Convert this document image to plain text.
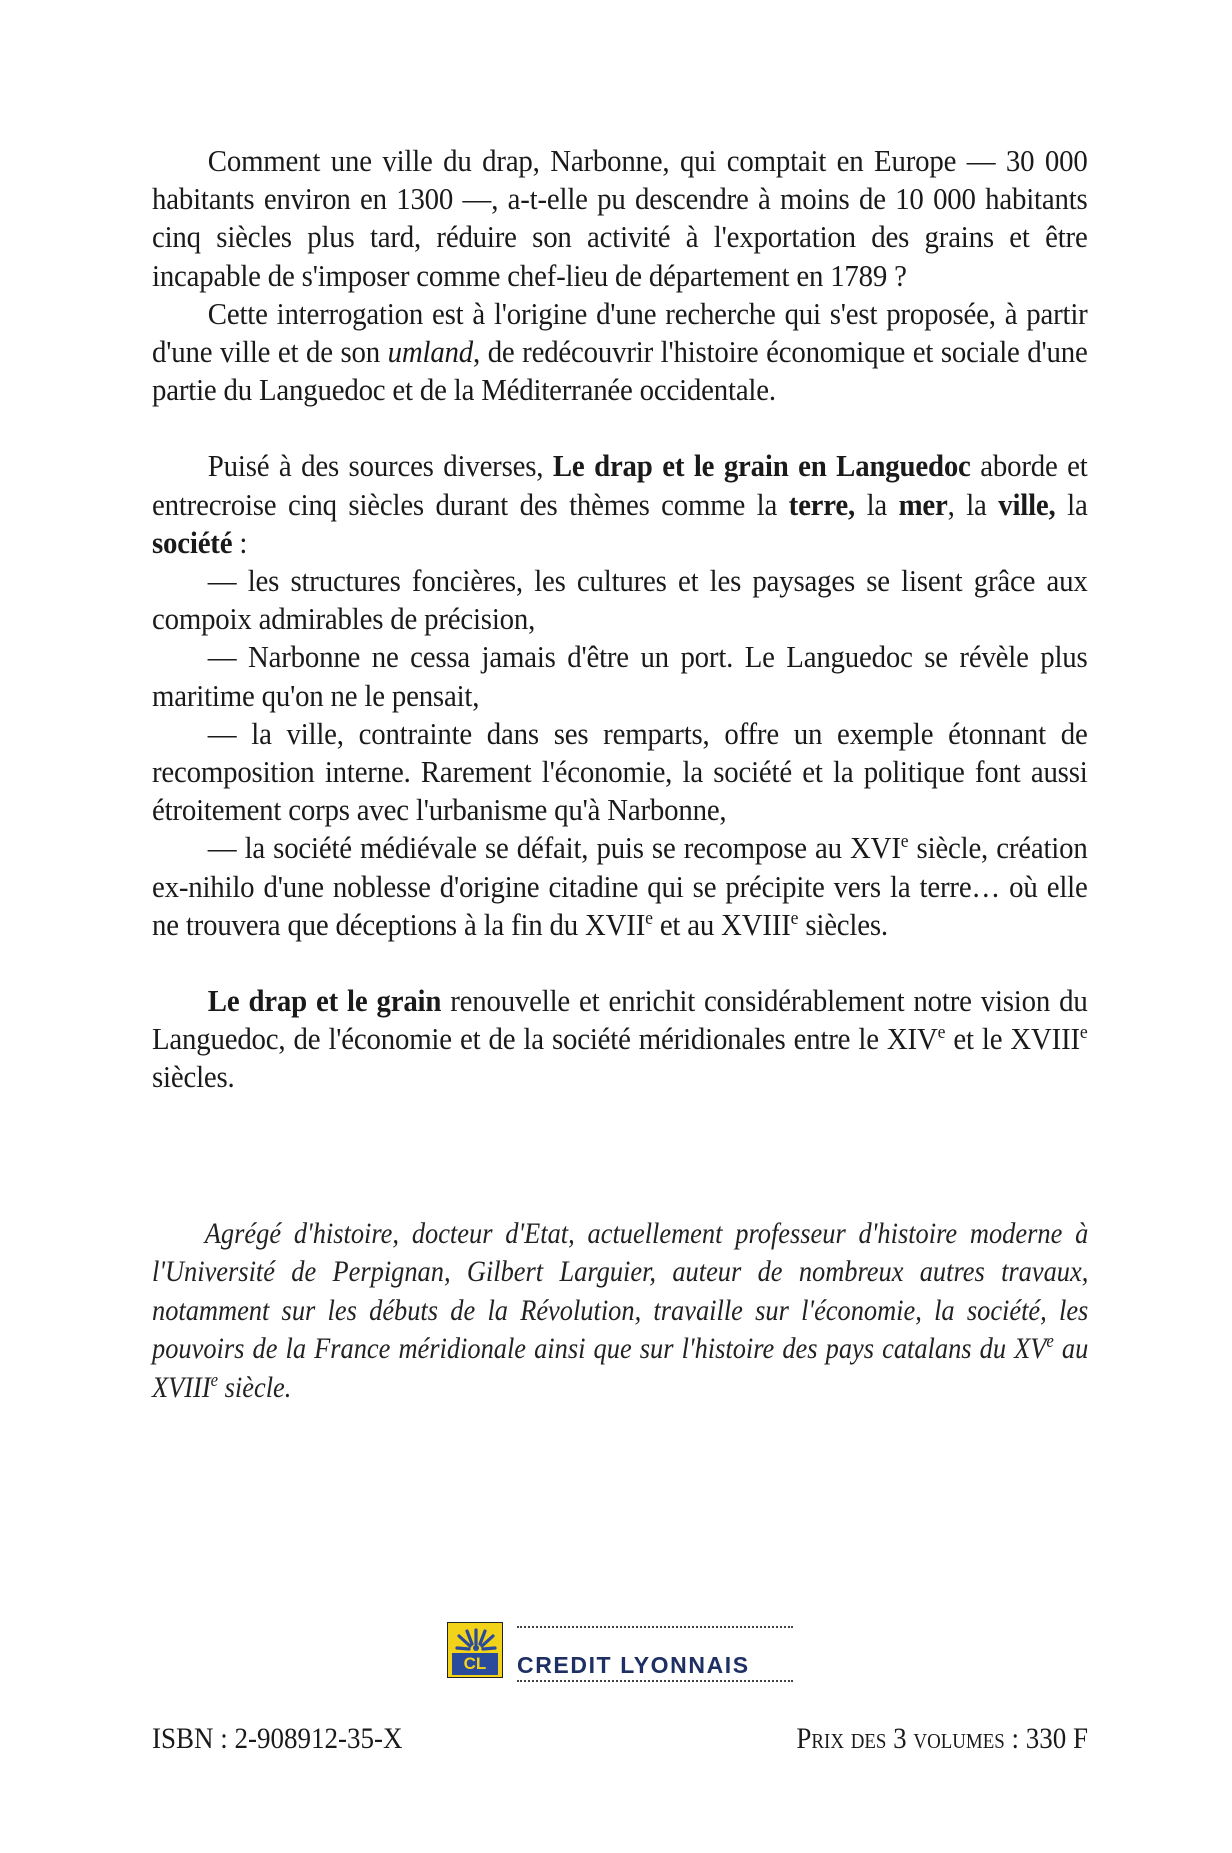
Comment une ville du drap, Narbonne, qui comptait en Europe — 30 000 habitants environ en 1300 —, a-t-elle pu descendre à moins de 10 000 habitants cinq siècles plus tard, réduire son activité à l'exportation des grains et être incapable de s'imposer comme chef-lieu de département en 1789 ?

Cette interrogation est à l'origine d'une recherche qui s'est proposée, à partir d'une ville et de son umland, de redécouvrir l'histoire économique et sociale d'une partie du Languedoc et de la Méditerranée occidentale.

Puisé à des sources diverses, Le drap et le grain en Languedoc aborde et entrecroise cinq siècles durant des thèmes comme la terre, la mer, la ville, la société :

— les structures foncières, les cultures et les paysages se lisent grâce aux compoix admirables de précision,

— Narbonne ne cessa jamais d'être un port. Le Languedoc se révèle plus maritime qu'on ne le pensait,

— la ville, contrainte dans ses remparts, offre un exemple étonnant de recomposition interne. Rarement l'économie, la société et la politique font aussi étroitement corps avec l'urbanisme qu'à Narbonne,

— la société médiévale se défait, puis se recompose au XVIe siècle, création ex-nihilo d'une noblesse d'origine citadine qui se précipite vers la terre… où elle ne trouvera que déceptions à la fin du XVIIe et au XVIIIe siècles.

Le drap et le grain renouvelle et enrichit considérablement notre vision du Languedoc, de l'économie et de la société méridionales entre le XIVe et le XVIIIe siècles.

Agrégé d'histoire, docteur d'Etat, actuellement professeur d'histoire moderne à l'Université de Perpignan, Gilbert Larguier, auteur de nombreux autres travaux, notamment sur les débuts de la Révolution, travaille sur l'économie, la société, les pouvoirs de la France méridionale ainsi que sur l'histoire des pays catalans du XVe au XVIIIe siècle.

CL	CREDIT LYONNAIS
ISBN : 2-908912-35-X	Prix des 3 volumes : 330 F
